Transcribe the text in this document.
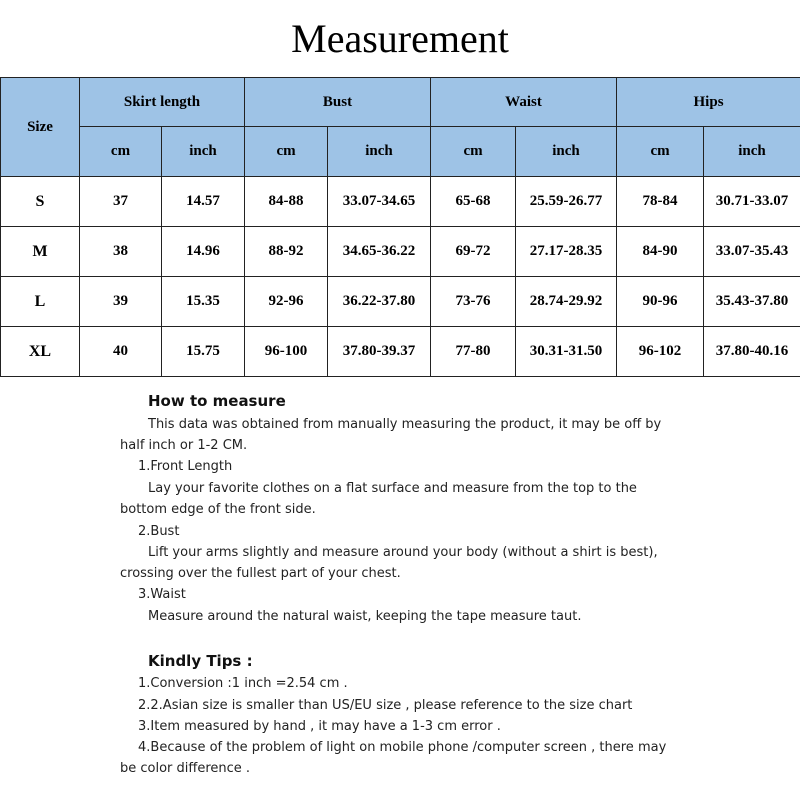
Measurement
Size	Skirt length		Bust		Waist		Hips	
	cm	inch	cm	inch	cm	inch	cm	inch
S	37	14.57	84-88	33.07-34.65	65-68	25.59-26.77	78-84	30.71-33.07
M	38	14.96	88-92	34.65-36.22	69-72	27.17-28.35	84-90	33.07-35.43
L	39	15.35	92-96	36.22-37.80	73-76	28.74-29.92	90-96	35.43-37.80
XL	40	15.75	96-100	37.80-39.37	77-80	30.31-31.50	96-102	37.80-40.16
How to measure
This data was obtained from manually measuring the product, it may be off by
half inch or 1-2 CM.
1.Front Length
Lay your favorite clothes on a flat surface and measure from the top to the
bottom edge of the front side.
2.Bust
Lift your arms slightly and measure around your body (without a shirt is best),
crossing over the fullest part of your chest.
3.Waist
Measure around the natural waist, keeping the tape measure taut.
Kindly Tips :
1.Conversion :1 inch =2.54 cm .
2.2.Asian size is smaller than US/EU size , please reference to the size chart
3.Item measured by hand , it may have a 1-3 cm error .
4.Because of the problem of light on mobile phone /computer screen , there may
be color difference .
